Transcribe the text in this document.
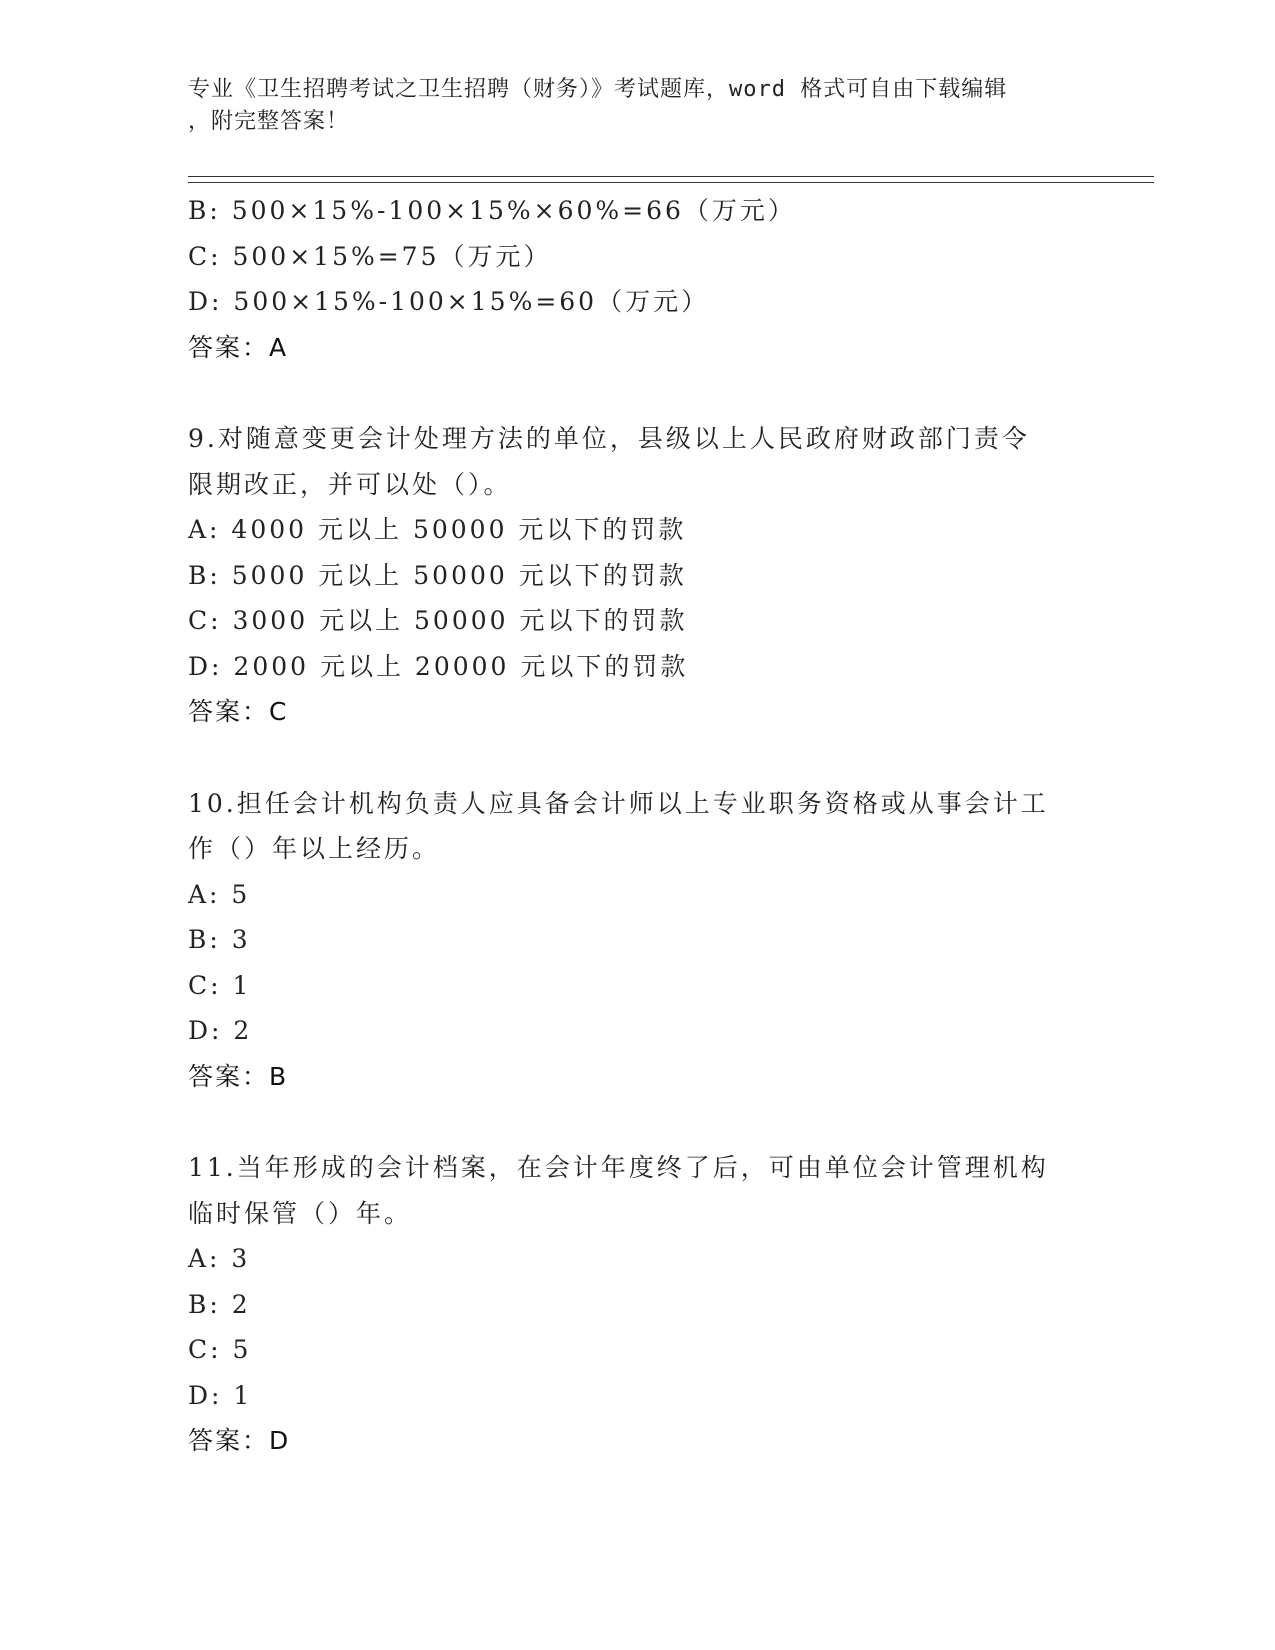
专业《卫生招聘考试之卫生招聘（财务）》考试题库，word 格式可自由下载编辑
，附完整答案！
B: 500×15%-100×15%×60%=66（万元）
C: 500×15%=75（万元）
D: 500×15%-100×15%=60（万元）
答案：A
9.对随意变更会计处理方法的单位，县级以上人民政府财政部门责令
限期改正，并可以处（）。
A: 4000 元以上 50000 元以下的罚款
B: 5000 元以上 50000 元以下的罚款
C: 3000 元以上 50000 元以下的罚款
D: 2000 元以上 20000 元以下的罚款
答案：C
10.担任会计机构负责人应具备会计师以上专业职务资格或从事会计工
作（）年以上经历。
A: 5
B: 3
C: 1
D: 2
答案：B
11.当年形成的会计档案，在会计年度终了后，可由单位会计管理机构
临时保管（）年。
A: 3
B: 2
C: 5
D: 1
答案：D
